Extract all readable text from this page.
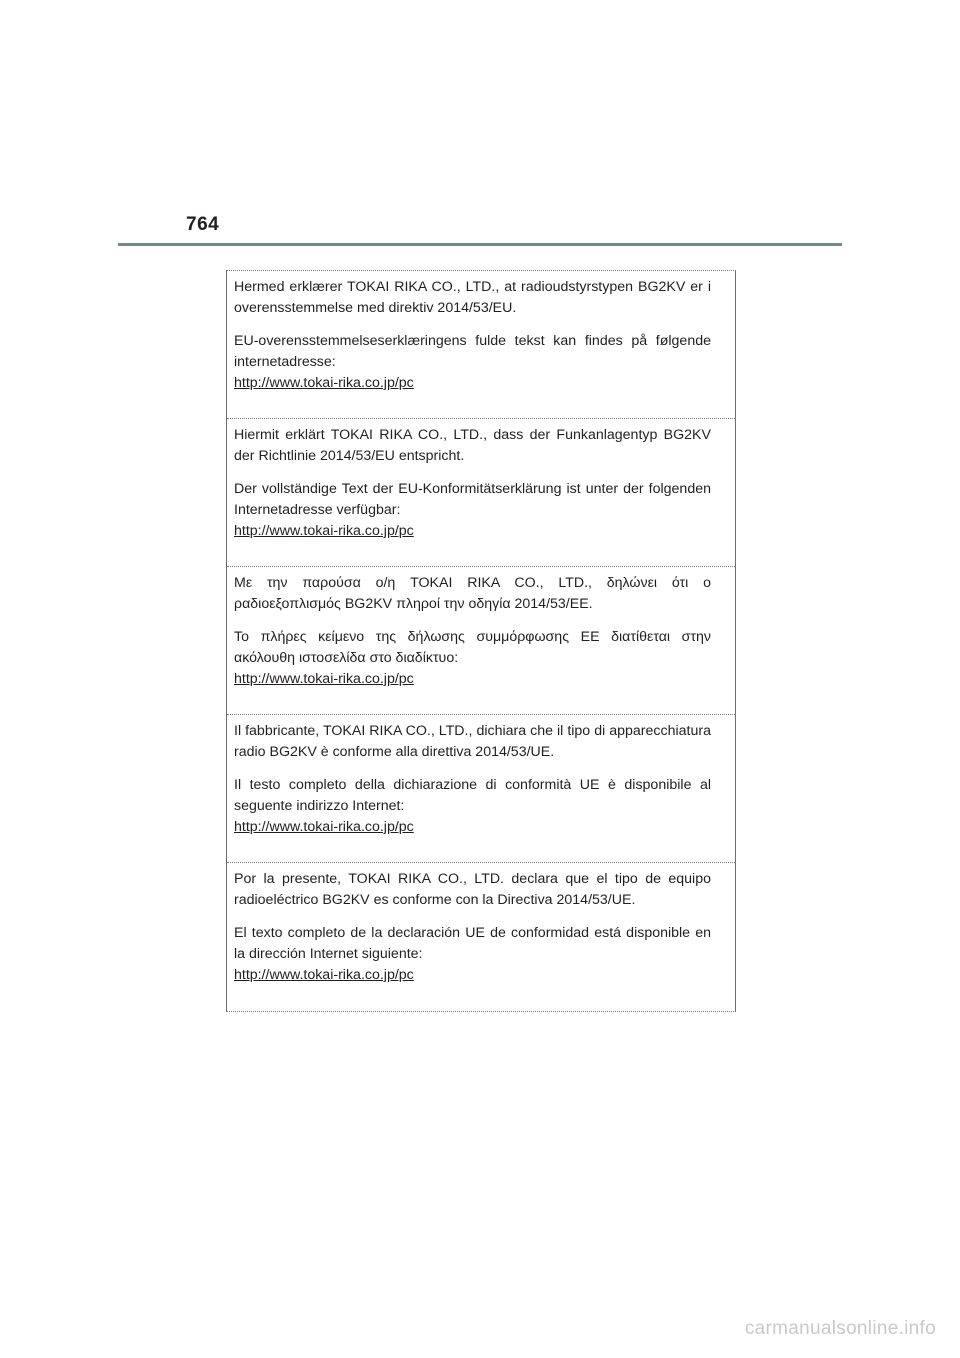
764

Hermed erklærer TOKAI RIKA CO., LTD., at radioudstyrstypen BG2KV er i overensstemmelse med direktiv 2014/53/EU.

EU-overensstemmelseserklæringens fulde tekst kan findes på følgende internetadresse:

http://www.tokai-rika.co.jp/pc

Hiermit erklärt TOKAI RIKA CO., LTD., dass der Funkanlagentyp BG2KV der Richtlinie 2014/53/EU entspricht.

Der vollständige Text der EU-Konformitätserklärung ist unter der folgenden Internetadresse verfügbar:

http://www.tokai-rika.co.jp/pc

Με την παρούσα ο/η TOKAI RIKA CO., LTD., δηλώνει ότι ο ραδιοεξοπλισμός BG2KV πληροί την οδηγία 2014/53/ΕΕ.

Το πλήρες κείμενο της δήλωσης συμμόρφωσης ΕΕ διατίθεται στην ακόλουθη ιστοσελίδα στο διαδίκτυο:

http://www.tokai-rika.co.jp/pc

Il fabbricante, TOKAI RIKA CO., LTD., dichiara che il tipo di apparecchiatura radio BG2KV è conforme alla direttiva 2014/53/UE.

Il testo completo della dichiarazione di conformità UE è disponibile al seguente indirizzo Internet:

http://www.tokai-rika.co.jp/pc

Por la presente, TOKAI RIKA CO., LTD. declara que el tipo de equipo radioeléctrico BG2KV es conforme con la Directiva 2014/53/UE.

El texto completo de la declaración UE de conformidad está disponible en la dirección Internet siguiente:

http://www.tokai-rika.co.jp/pc
carmanualsonline.info
